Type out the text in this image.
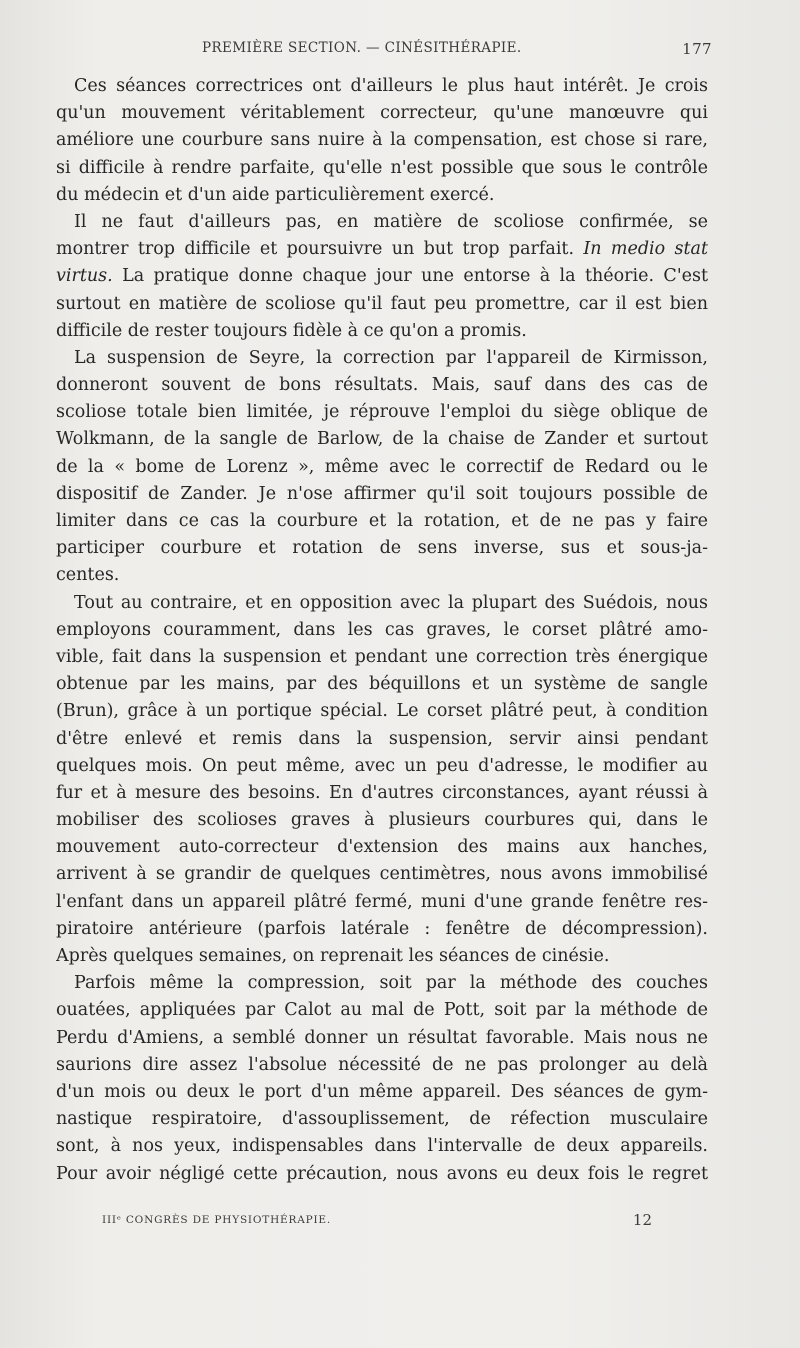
PREMIÈRE SECTION. — CINÉSITHÉRAPIE.	177

Ces séances correctrices ont d'ailleurs le plus haut intérêt. Je crois
qu'un mouvement véritablement correcteur, qu'une manœuvre qui
améliore une courbure sans nuire à la compensation, est chose si rare,
si difficile à rendre parfaite, qu'elle n'est possible que sous le contrôle
du médecin et d'un aide particulièrement exercé.

Il ne faut d'ailleurs pas, en matière de scoliose confirmée, se
montrer trop difficile et poursuivre un but trop parfait. In medio stat
virtus. La pratique donne chaque jour une entorse à la théorie. C'est
surtout en matière de scoliose qu'il faut peu promettre, car il est bien
difficile de rester toujours fidèle à ce qu'on a promis.

La suspension de Seyre, la correction par l'appareil de Kirmisson,
donneront souvent de bons résultats. Mais, sauf dans des cas de
scoliose totale bien limitée, je réprouve l'emploi du siège oblique de
Wolkmann, de la sangle de Barlow, de la chaise de Zander et surtout
de la « bome de Lorenz », même avec le correctif de Redard ou le
dispositif de Zander. Je n'ose affirmer qu'il soit toujours possible de
limiter dans ce cas la courbure et la rotation, et de ne pas y faire
participer courbure et rotation de sens inverse, sus et sous-ja-
centes.

Tout au contraire, et en opposition avec la plupart des Suédois, nous
employons couramment, dans les cas graves, le corset plâtré amo-
vible, fait dans la suspension et pendant une correction très énergique
obtenue par les mains, par des béquillons et un système de sangle
(Brun), grâce à un portique spécial. Le corset plâtré peut, à condition
d'être enlevé et remis dans la suspension, servir ainsi pendant
quelques mois. On peut même, avec un peu d'adresse, le modifier au
fur et à mesure des besoins. En d'autres circonstances, ayant réussi à
mobiliser des scolioses graves à plusieurs courbures qui, dans le
mouvement auto-correcteur d'extension des mains aux hanches,
arrivent à se grandir de quelques centimètres, nous avons immobilisé
l'enfant dans un appareil plâtré fermé, muni d'une grande fenêtre res-
piratoire antérieure (parfois latérale : fenêtre de décompression).
Après quelques semaines, on reprenait les séances de cinésie.

Parfois même la compression, soit par la méthode des couches
ouatées, appliquées par Calot au mal de Pott, soit par la méthode de
Perdu d'Amiens, a semblé donner un résultat favorable. Mais nous ne
saurions dire assez l'absolue nécessité de ne pas prolonger au delà
d'un mois ou deux le port d'un même appareil. Des séances de gym-
nastique respiratoire, d'assouplissement, de réfection musculaire
sont, à nos yeux, indispensables dans l'intervalle de deux appareils.
Pour avoir négligé cette précaution, nous avons eu deux fois le regret

IIIᵉ CONGRÈS DE PHYSIOTHÉRAPIE.	12
